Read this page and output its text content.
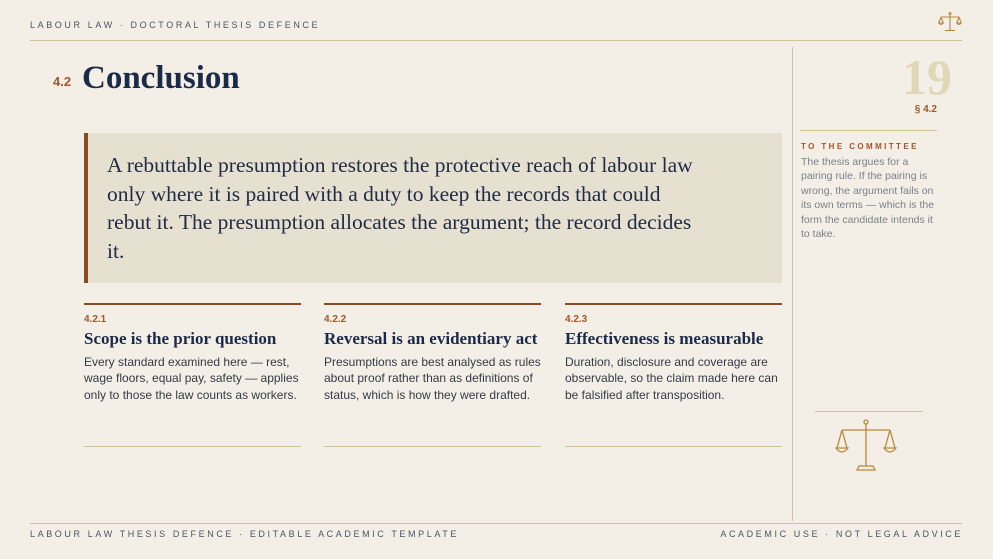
LABOUR LAW · DOCTORAL THESIS DEFENCE
4.2 Conclusion
A rebuttable presumption restores the protective reach of labour law only where it is paired with a duty to keep the records that could rebut it. The presumption allocates the argument; the record decides it.
4.2.1
Scope is the prior question
Every standard examined here — rest, wage floors, equal pay, safety — applies only to those the law counts as workers.
4.2.2
Reversal is an evidentiary act
Presumptions are best analysed as rules about proof rather than as definitions of status, which is how they were drafted.
4.2.3
Effectiveness is measurable
Duration, disclosure and coverage are observable, so the claim made here can be falsified after transposition.
19
§ 4.2
TO THE COMMITTEE
The thesis argues for a pairing rule. If the pairing is wrong, the argument fails on its own terms — which is the form the candidate intends it to take.
LABOUR LAW THESIS DEFENCE · EDITABLE ACADEMIC TEMPLATE	ACADEMIC USE · NOT LEGAL ADVICE
